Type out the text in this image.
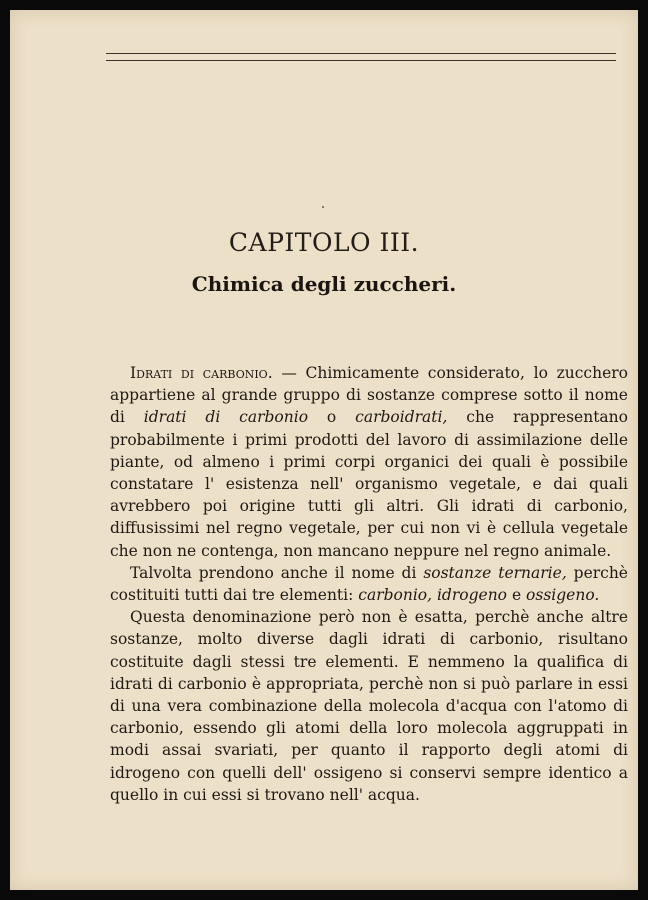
CAPITOLO III.
Chimica degli zuccheri.

Idrati di carbonio. — Chimicamente considerato, lo zucchero appartiene al grande gruppo di sostanze comprese sotto il nome di idrati di carbonio o carboidrati, che rappresentano probabilmente i primi prodotti del lavoro di assimilazione delle piante, od almeno i primi corpi organici dei quali è possibile constatare l' esistenza nell' organismo vegetale, e dai quali avrebbero poi origine tutti gli altri. Gli idrati di carbonio, diffusissimi nel regno vegetale, per cui non vi è cellula vegetale che non ne contenga, non mancano neppure nel regno animale.

Talvolta prendono anche il nome di sostanze ternarie, perchè costituiti tutti dai tre elementi: carbonio, idrogeno e ossigeno.

Questa denominazione però non è esatta, perchè anche altre sostanze, molto diverse dagli idrati di carbonio, risultano costituite dagli stessi tre elementi. E nemmeno la qualifica di idrati di carbonio è appropriata, perchè non si può parlare in essi di una vera combinazione della molecola d'acqua con l'atomo di carbonio, essendo gli atomi della loro molecola aggruppati in modi assai svariati, per quanto il rapporto degli atomi di idrogeno con quelli dell' ossigeno si conservi sempre identico a quello in cui essi si trovano nell' acqua.
